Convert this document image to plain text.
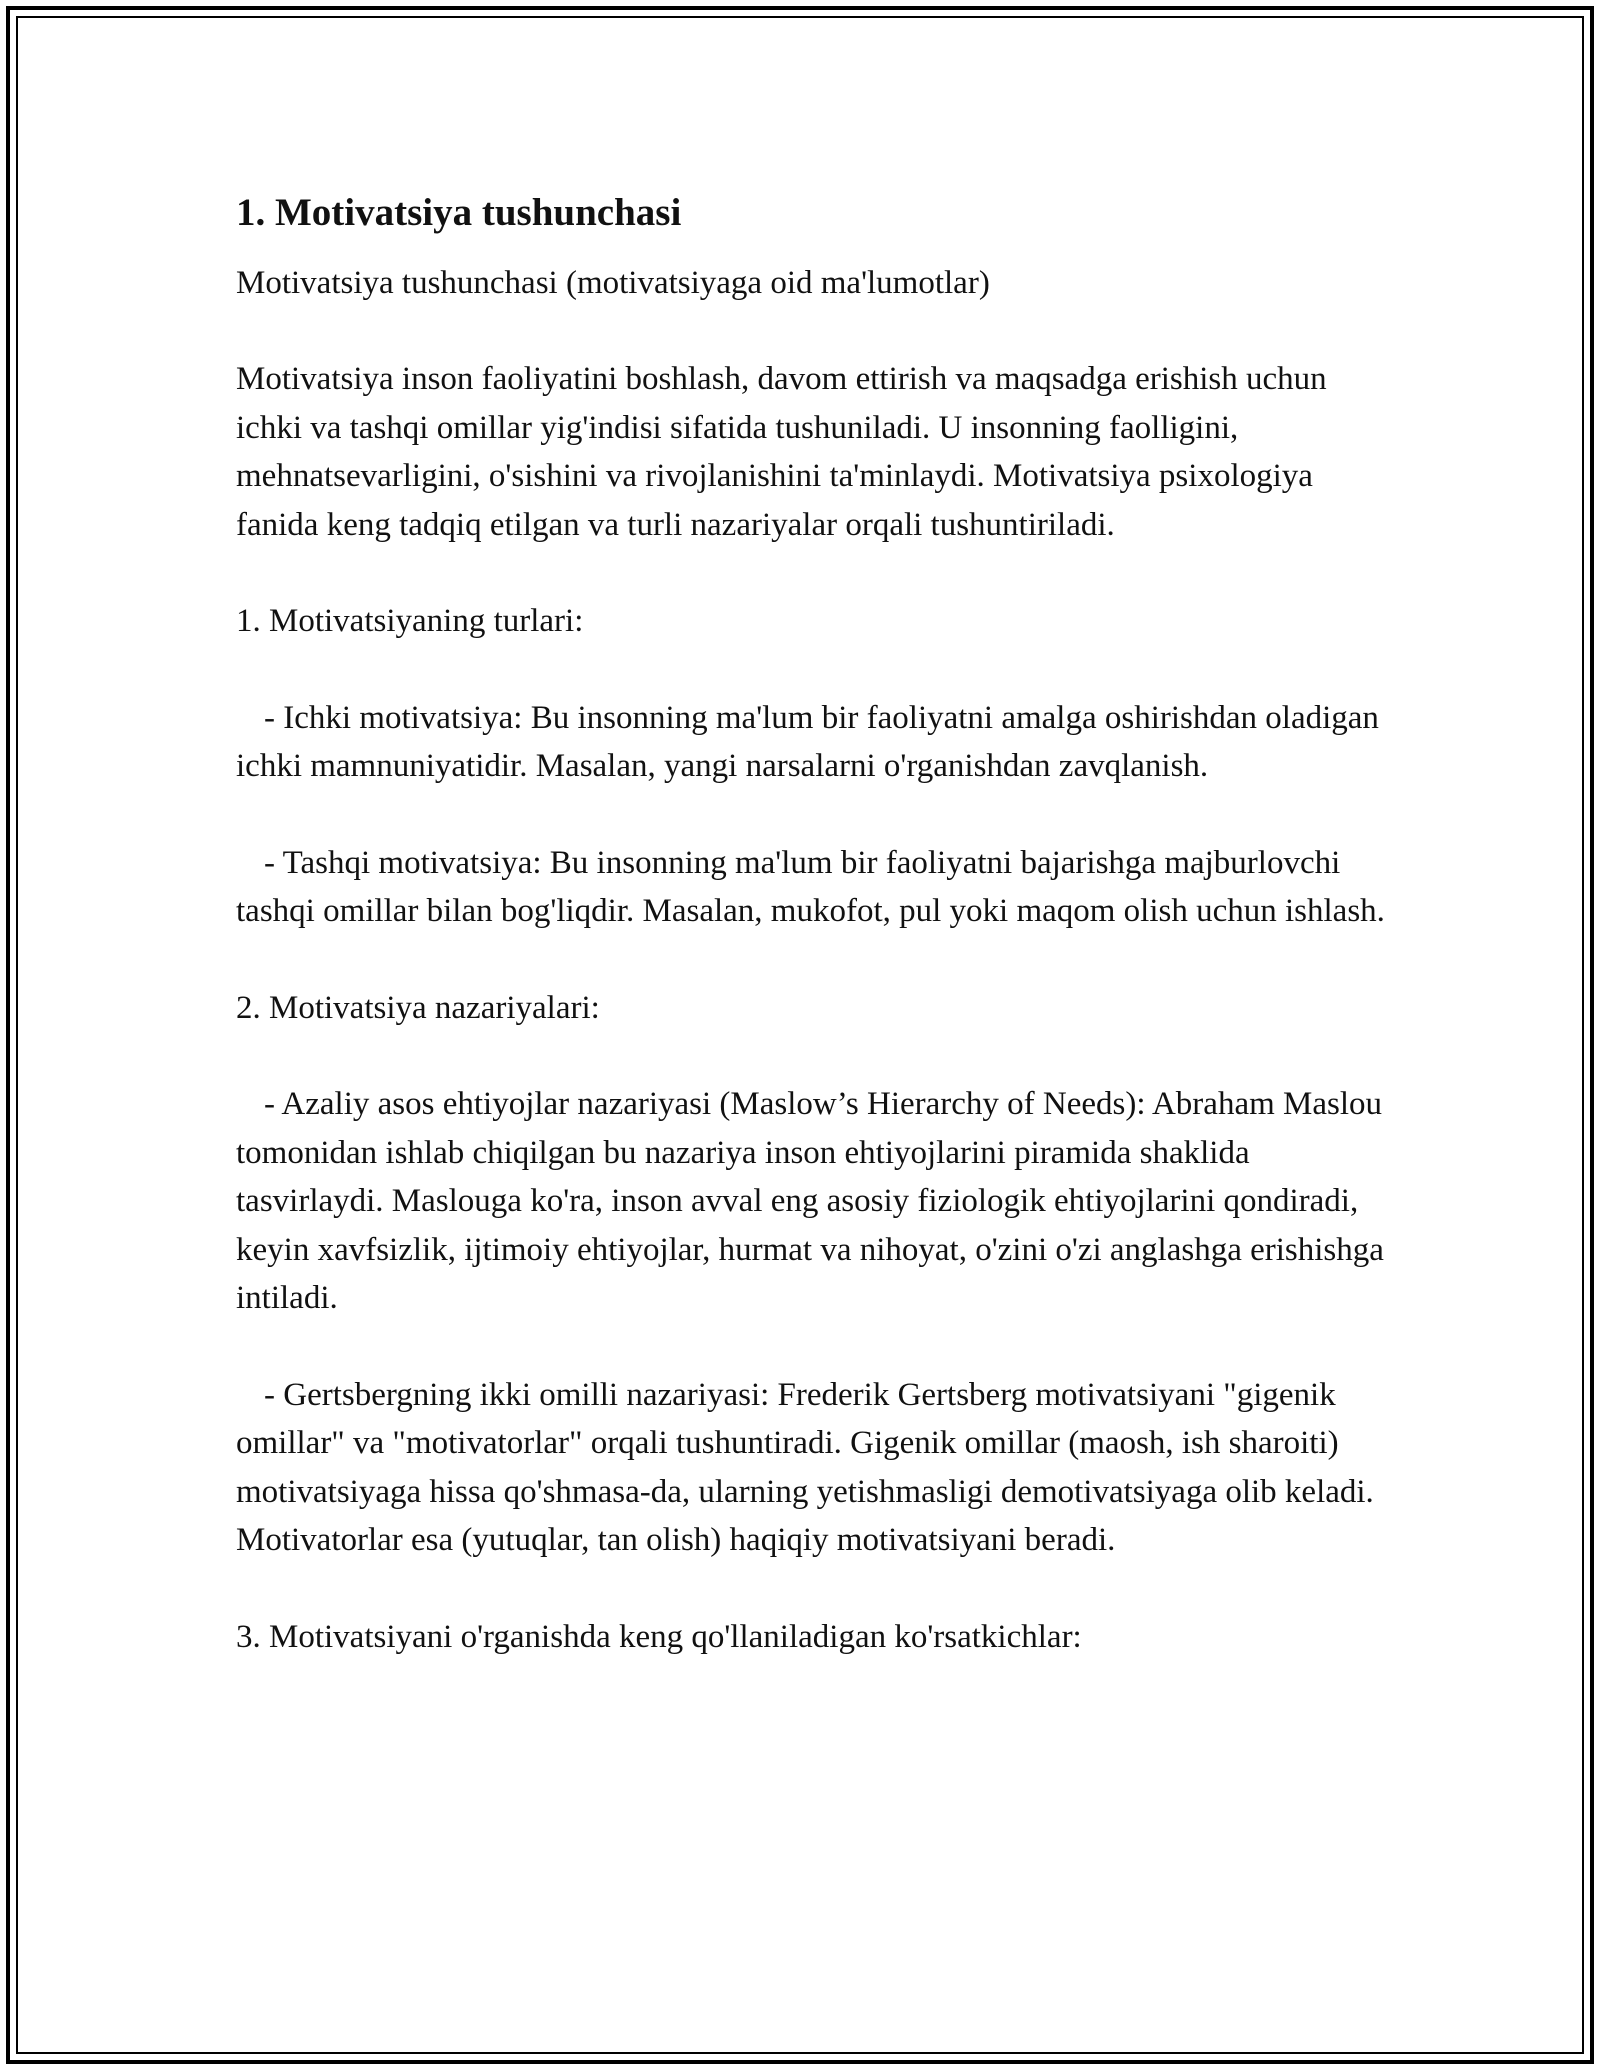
1. Motivatsiya tushunchasi

Motivatsiya tushunchasi (motivatsiyaga oid ma'lumotlar)

Motivatsiya inson faoliyatini boshlash, davom ettirish va maqsadga erishish uchun ichki va tashqi omillar yig'indisi sifatida tushuniladi. U insonning faolligini, mehnatsevarligini, o'sishini va rivojlanishini ta'minlaydi. Motivatsiya psixologiya fanida keng tadqiq etilgan va turli nazariyalar orqali tushuntiriladi.

1. Motivatsiyaning turlari:

- Ichki motivatsiya: Bu insonning ma'lum bir faoliyatni amalga oshirishdan oladigan ichki mamnuniyatidir. Masalan, yangi narsalarni o'rganishdan zavqlanish.

- Tashqi motivatsiya: Bu insonning ma'lum bir faoliyatni bajarishga majburlovchi tashqi omillar bilan bog'liqdir. Masalan, mukofot, pul yoki maqom olish uchun ishlash.

2. Motivatsiya nazariyalari:

- Azaliy asos ehtiyojlar nazariyasi (Maslow’s Hierarchy of Needs): Abraham Maslou tomonidan ishlab chiqilgan bu nazariya inson ehtiyojlarini piramida shaklida tasvirlaydi. Maslouga ko'ra, inson avval eng asosiy fiziologik ehtiyojlarini qondiradi, keyin xavfsizlik, ijtimoiy ehtiyojlar, hurmat va nihoyat, o'zini o'zi anglashga erishishga intiladi.

- Gertsbergning ikki omilli nazariyasi: Frederik Gertsberg motivatsiyani "gigenik omillar" va "motivatorlar" orqali tushuntiradi. Gigenik omillar (maosh, ish sharoiti) motivatsiyaga hissa qo'shmasa-da, ularning yetishmasligi demotivatsiyaga olib keladi. Motivatorlar esa (yutuqlar, tan olish) haqiqiy motivatsiyani beradi.

3. Motivatsiyani o'rganishda keng qo'llaniladigan ko'rsatkichlar:
